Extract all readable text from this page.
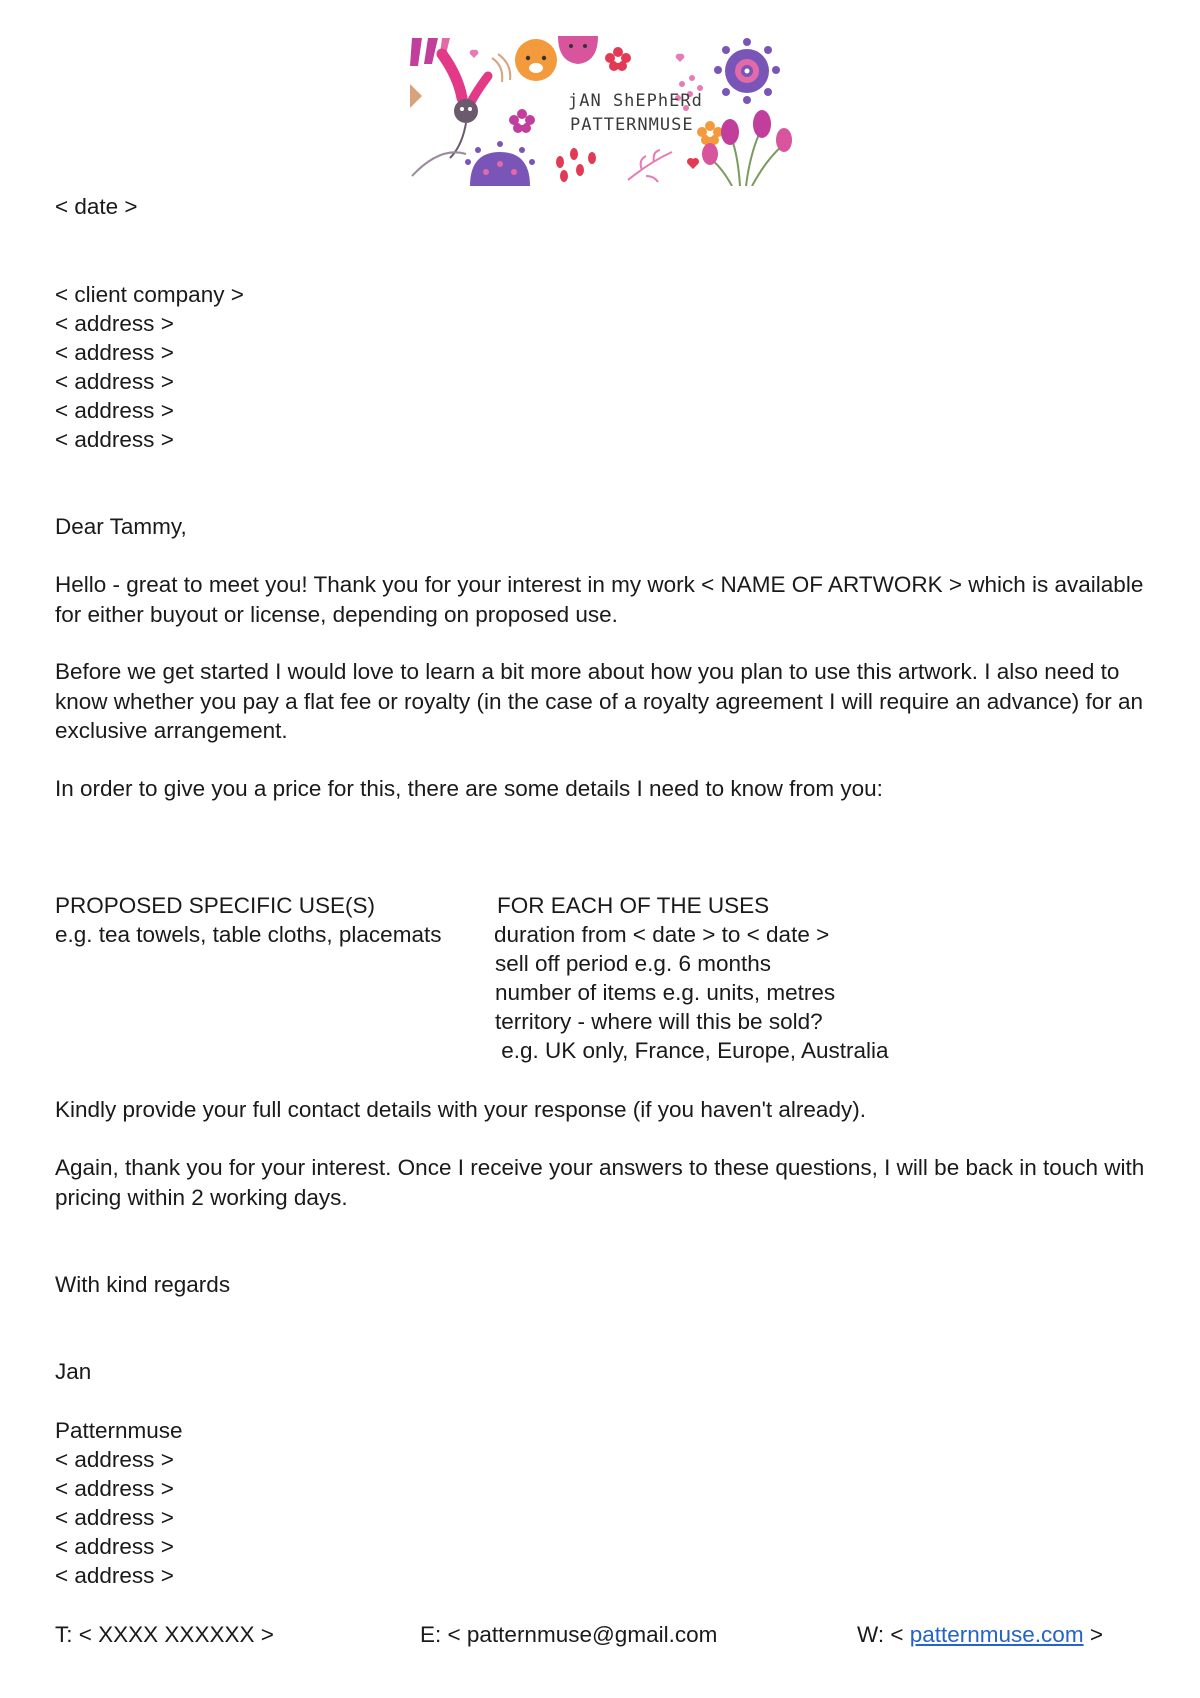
jAN ShEPhERd
PATTERNMUSE

< date >

< client company >

< address >

< address >

< address >

< address >

< address >

Dear Tammy,

Hello - great to meet you! Thank you for your interest in my work < NAME OF ARTWORK > which is available for either buyout or license, depending on proposed use.

Before we get started I would love to learn a bit more about how you plan to use this artwork. I also need to know whether you pay a flat fee or royalty (in the case of a royalty agreement I will require an advance) for an exclusive arrangement.

In order to give you a price for this, there are some details I need to know from you:

PROPOSED SPECIFIC USE(S)

e.g. tea towels, table cloths, placemats

FOR EACH OF THE USES

duration from < date > to < date >

sell off period e.g. 6 months

number of items e.g. units, metres

territory - where will this be sold?

e.g. UK only, France, Europe, Australia

Kindly provide your full contact details with your response (if you haven't already).

Again, thank you for your interest. Once I receive your answers to these questions, I will be back in touch with pricing within 2 working days.

With kind regards

Jan

Patternmuse

< address >

< address >

< address >

< address >

< address >

T: < XXXX XXXXXX >	E: < patternmuse@gmail.com	W: < patternmuse.com >
